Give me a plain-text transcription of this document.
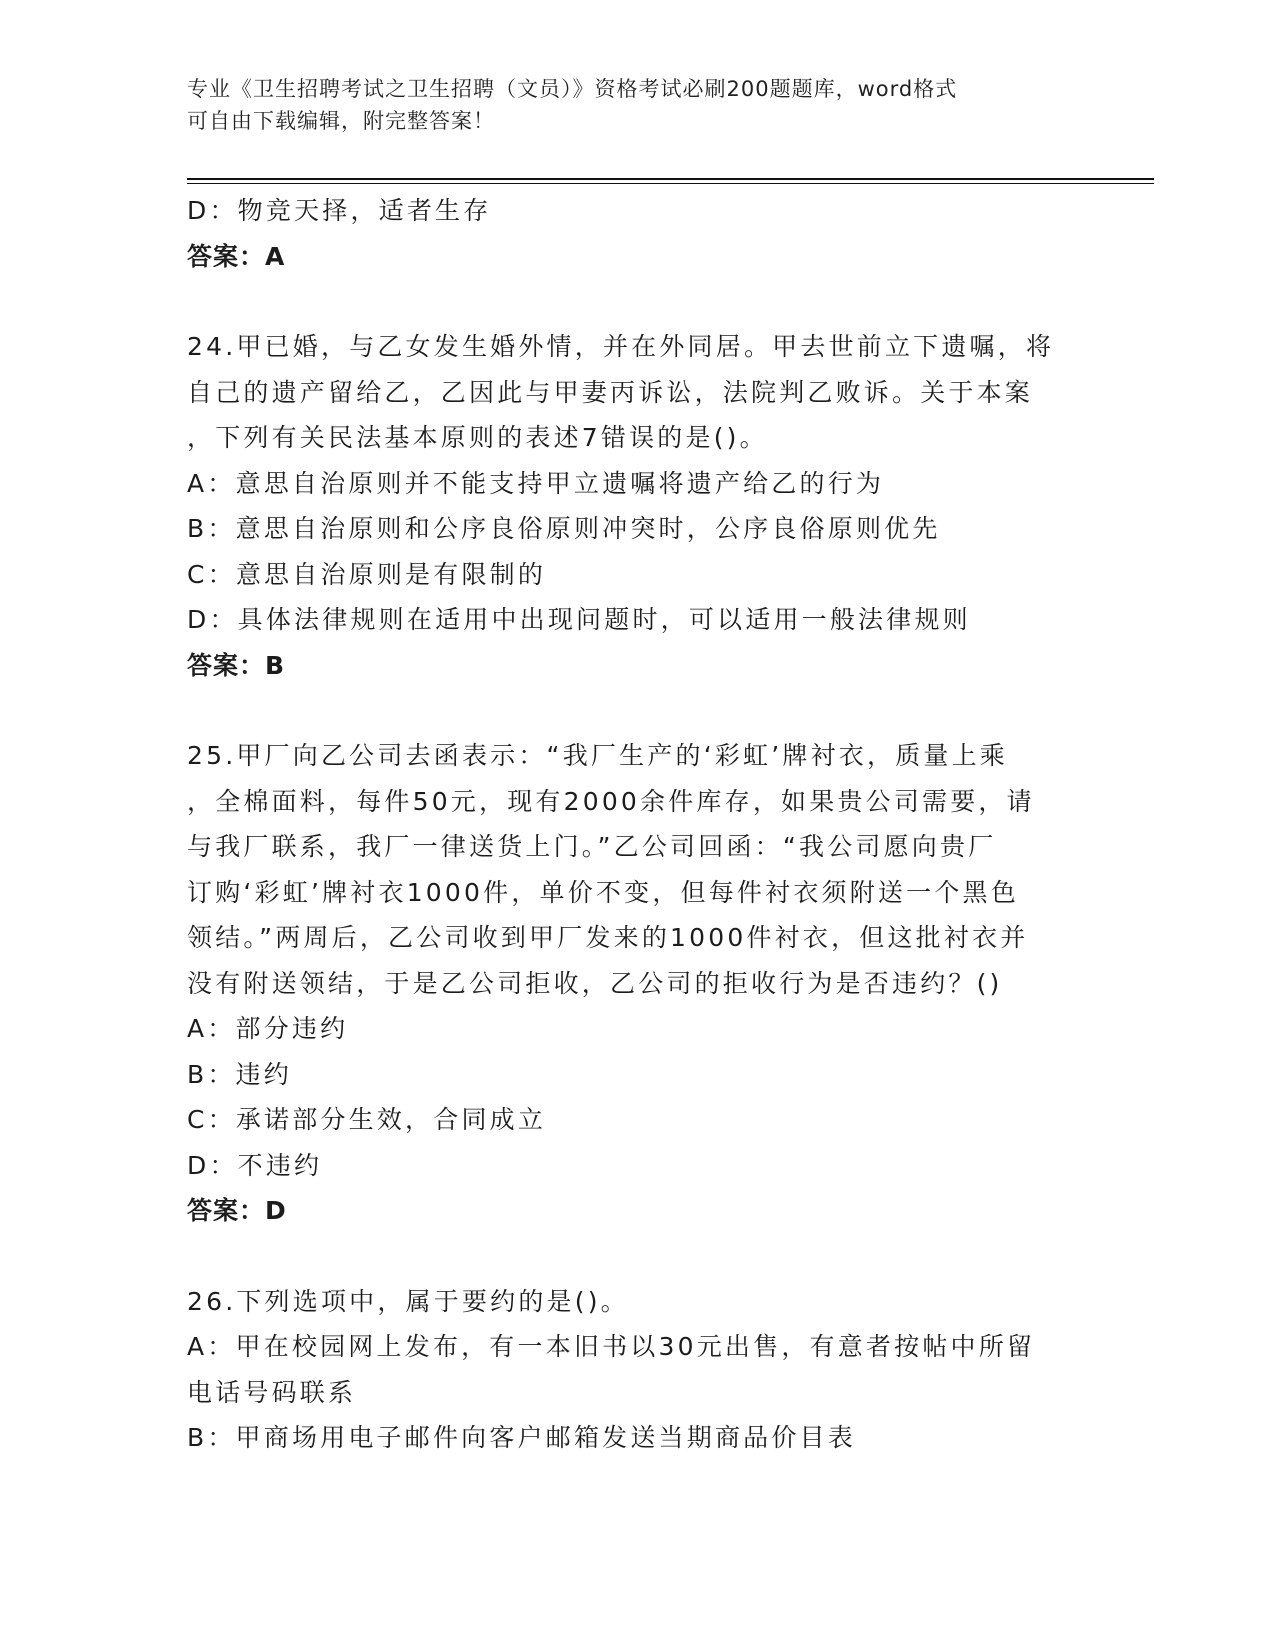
专业《卫生招聘考试之卫生招聘（文员）》资格考试必刷200题题库，word格式
可自由下载编辑，附完整答案！
D：物竞天择，适者生存
答案：A
24.甲已婚，与乙女发生婚外情，并在外同居。甲去世前立下遗嘱，将
自己的遗产留给乙，乙因此与甲妻丙诉讼，法院判乙败诉。关于本案
，下列有关民法基本原则的表述7错误的是()。
A：意思自治原则并不能支持甲立遗嘱将遗产给乙的行为
B：意思自治原则和公序良俗原则冲突时，公序良俗原则优先
C：意思自治原则是有限制的
D：具体法律规则在适用中出现问题时，可以适用一般法律规则
答案：B
25.甲厂向乙公司去函表示：“我厂生产的‘彩虹’牌衬衣，质量上乘
，全棉面料，每件50元，现有2000余件库存，如果贵公司需要，请
与我厂联系，我厂一律送货上门。”乙公司回函：“我公司愿向贵厂
订购‘彩虹’牌衬衣1000件，单价不变，但每件衬衣须附送一个黑色
领结。”两周后，乙公司收到甲厂发来的1000件衬衣，但这批衬衣并
没有附送领结，于是乙公司拒收，乙公司的拒收行为是否违约？()
A：部分违约
B：违约
C：承诺部分生效，合同成立
D：不违约
答案：D
26.下列选项中，属于要约的是()。
A：甲在校园网上发布，有一本旧书以30元出售，有意者按帖中所留
电话号码联系
B：甲商场用电子邮件向客户邮箱发送当期商品价目表
